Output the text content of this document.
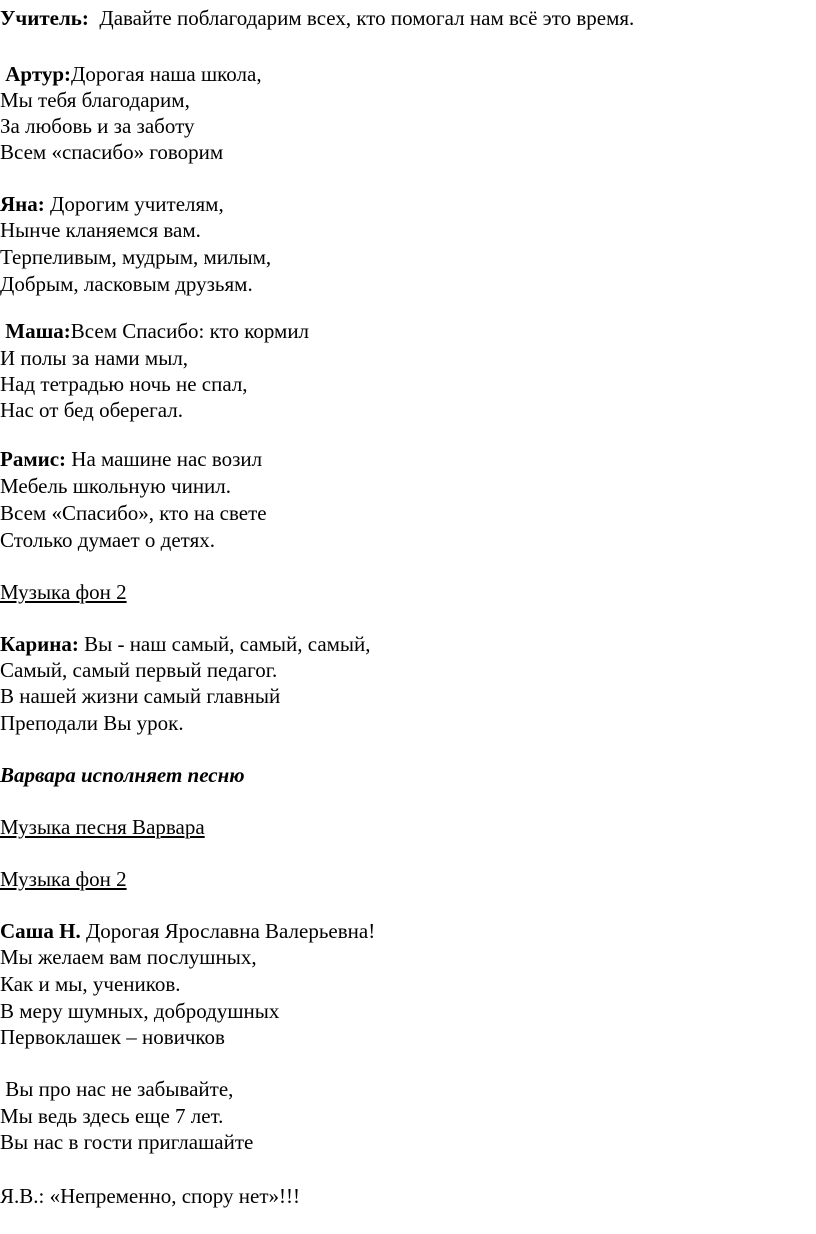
Учитель:  Давайте поблагодарим всех, кто помогал нам всё это время.
Артур:Дорогая наша школа,
Мы тебя благодарим,
За любовь и за заботу
Всем «спасибо» говорим
Яна: Дорогим учителям,
Нынче кланяемся вам.
Терпеливым, мудрым, милым,
Добрым, ласковым друзьям.
Маша:Всем Спасибо: кто кормил
И полы за нами мыл,
Над тетрадью ночь не спал,
Нас от бед оберегал.
Рамис: На машине нас возил
Мебель школьную чинил.
Всем «Спасибо», кто на свете
Столько думает о детях.
Музыка фон 2
Карина: Вы - наш самый, самый, самый,
Самый, самый первый педагог.
В нашей жизни самый главный
Преподали Вы урок.
Варвара исполняет песню
Музыка песня Варвара
Музыка фон 2
Саша Н. Дорогая Ярославна Валерьевна!
Мы желаем вам послушных,
Как и мы, учеников.
В меру шумных, добродушных
Первоклашек – новичков
Вы про нас не забывайте,
Мы ведь здесь еще 7 лет.
Вы нас в гости приглашайте
Я.В.: «Непременно, спору нет»!!!
